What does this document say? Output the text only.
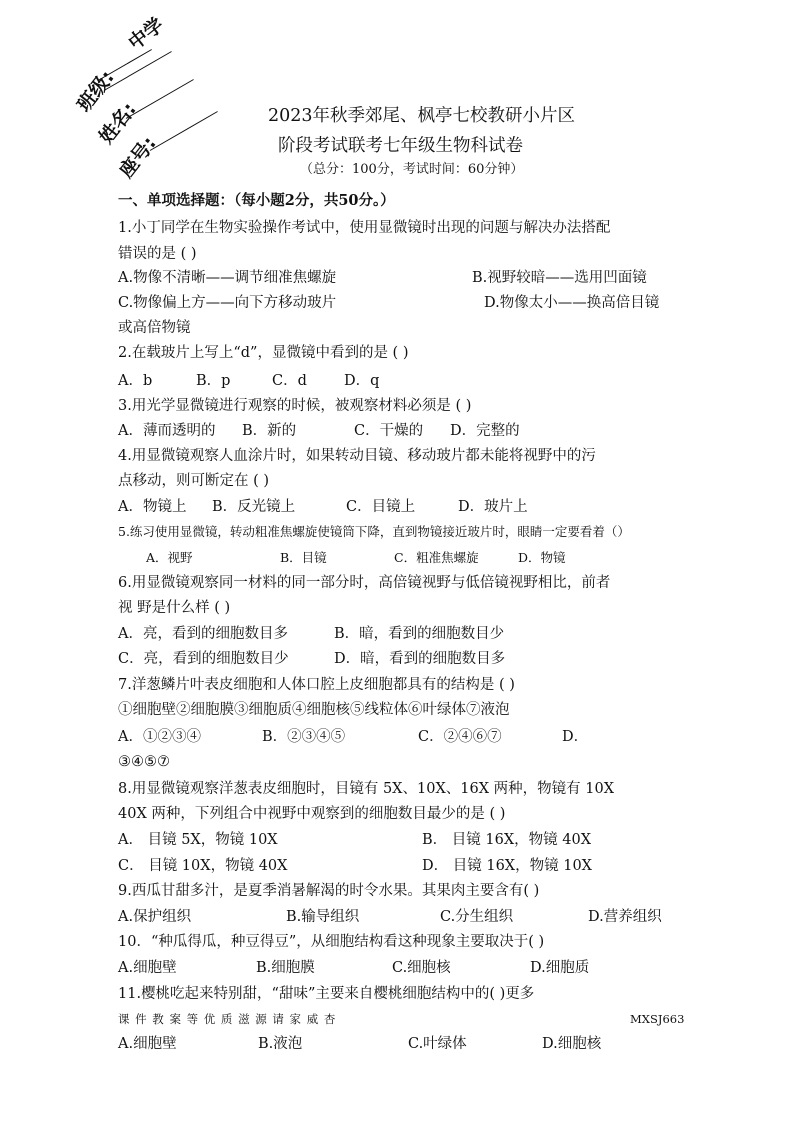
中学
班级:
姓名:
座号:
2023年秋季郊尾、枫亭七校教研小片区
阶段考试联考七年级生物科试卷
（总分：100分，考试时间：60分钟）
一、单项选择题：（每小题2分，共50分。）
1.小丁同学在生物实验操作考试中，使用显微镜时出现的问题与解决办法搭配
错误的是 ( )
A.物像不清晰——调节细准焦螺旋	B.视野较暗——选用凹面镜
C.物像偏上方——向下方移动玻片	D.物像太小——换高倍目镜
或高倍物镜
2.在载玻片上写上“d”，显微镜中看到的是 ( )
A．b	B．p	C．d	D．q
3.用光学显微镜进行观察的时候，被观察材料必须是 ( )
A．薄而透明的 B．新的	C．干燥的 D．完整的
4.用显微镜观察人血涂片时，如果转动目镜、移动玻片都未能将视野中的污
点移动，则可断定在 ( )
A．物镜上 B．反光镜上	C．目镜上	D．玻片上
5.练习使用显微镜，转动粗准焦螺旋使镜筒下降，直到物镜接近玻片时，眼睛一定要看着（）
A．视野	B．目镜	C．粗准焦螺旋	D．物镜
6.用显微镜观察同一材料的同一部分时，高倍镜视野与低倍镜视野相比，前者
视 野是什么样 ( )
A．亮，看到的细胞数目多	B．暗，看到的细胞数目少
C．亮，看到的细胞数目少	D．暗，看到的细胞数目多
7.洋葱鳞片叶表皮细胞和人体口腔上皮细胞都具有的结构是 ( )
①细胞壁②细胞膜③细胞质④细胞核⑤线粒体⑥叶绿体⑦液泡
A．①②③④	B．②③④⑤	C．②④⑥⑦	D．
③④⑤⑦
8.用显微镜观察洋葱表皮细胞时，目镜有 5X、10X、16X 两种，物镜有 10X
40X 两种，下列组合中视野中观察到的细胞数目最少的是 ( )
A． 目镜 5X，物镜 10X	B． 目镜 16X，物镜 40X
C． 目镜 10X，物镜 40X	D． 目镜 16X，物镜 10X
9.西瓜甘甜多汁，是夏季消暑解渴的时令水果。其果肉主要含有( )
A.保护组织	B.输导组织	C.分生组织	D.营养组织
10．“种瓜得瓜，种豆得豆”，从细胞结构看这种现象主要取决于( )
A.细胞壁	B.细胞膜	C.细胞核	D.细胞质
11.樱桃吃起来特别甜，“甜味”主要来自樱桃细胞结构中的( )更多
课 件 教 案 等 优 质 滋 源 请 家 威 杏	MXSJ663
A.细胞壁	B.液泡	C.叶绿体	D.细胞核
